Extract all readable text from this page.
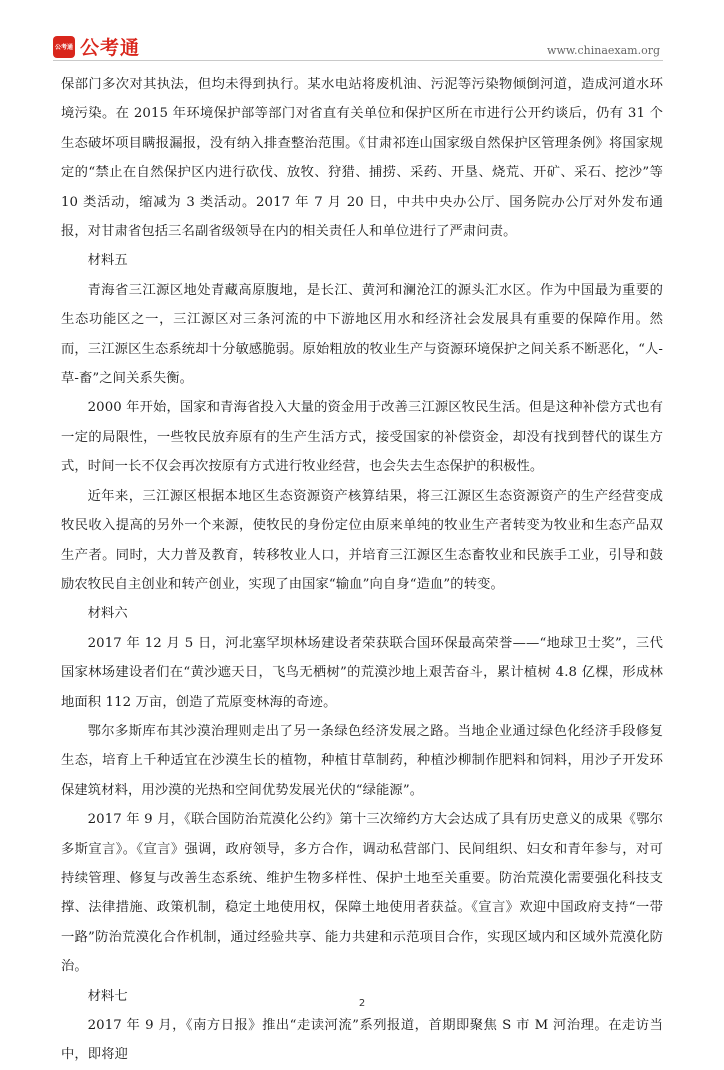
公考通 公考通	www.chinaexam.org

保部门多次对其执法，但均未得到执行。某水电站将废机油、污泥等污染物倾倒河道，造成河道水环境污染。在 2015 年环境保护部等部门对省直有关单位和保护区所在市进行公开约谈后，仍有 31 个生态破坏项目瞒报漏报，没有纳入排查整治范围。《甘肃祁连山国家级自然保护区管理条例》将国家规定的“禁止在自然保护区内进行砍伐、放牧、狩猎、捕捞、采药、开垦、烧荒、开矿、采石、挖沙”等 10 类活动，缩减为 3 类活动。2017 年 7 月 20 日，中共中央办公厅、国务院办公厅对外发布通报，对甘肃省包括三名副省级领导在内的相关责任人和单位进行了严肃问责。

材料五

青海省三江源区地处青藏高原腹地，是长江、黄河和澜沧江的源头汇水区。作为中国最为重要的生态功能区之一，三江源区对三条河流的中下游地区用水和经济社会发展具有重要的保障作用。然而，三江源区生态系统却十分敏感脆弱。原始粗放的牧业生产与资源环境保护之间关系不断恶化，“人-草-畜”之间关系失衡。

2000 年开始，国家和青海省投入大量的资金用于改善三江源区牧民生活。但是这种补偿方式也有一定的局限性，一些牧民放弃原有的生产生活方式，接受国家的补偿资金，却没有找到替代的谋生方式，时间一长不仅会再次按原有方式进行牧业经营，也会失去生态保护的积极性。

近年来，三江源区根据本地区生态资源资产核算结果，将三江源区生态资源资产的生产经营变成牧民收入提高的另外一个来源，使牧民的身份定位由原来单纯的牧业生产者转变为牧业和生态产品双生产者。同时，大力普及教育，转移牧业人口，并培育三江源区生态畜牧业和民族手工业，引导和鼓励农牧民自主创业和转产创业，实现了由国家“输血”向自身“造血”的转变。

材料六

2017 年 12 月 5 日，河北塞罕坝林场建设者荣获联合国环保最高荣誉——“地球卫士奖”，三代国家林场建设者们在“黄沙遮天日，飞鸟无栖树”的荒漠沙地上艰苦奋斗，累计植树 4.8 亿棵，形成林地面积 112 万亩，创造了荒原变林海的奇迹。

鄂尔多斯库布其沙漠治理则走出了另一条绿色经济发展之路。当地企业通过绿色化经济手段修复生态，培育上千种适宜在沙漠生长的植物，种植甘草制药，种植沙柳制作肥料和饲料，用沙子开发环保建筑材料，用沙漠的光热和空间优势发展光伏的“绿能源”。

2017 年 9 月，《联合国防治荒漠化公约》第十三次缔约方大会达成了具有历史意义的成果《鄂尔多斯宣言》。《宣言》强调，政府领导，多方合作，调动私营部门、民间组织、妇女和青年参与，对可持续管理、修复与改善生态系统、维护生物多样性、保护土地至关重要。防治荒漠化需要强化科技支撑、法律措施、政策机制，稳定土地使用权，保障土地使用者获益。《宣言》欢迎中国政府支持“一带一路”防治荒漠化合作机制，通过经验共享、能力共建和示范项目合作，实现区域内和区域外荒漠化防治。

材料七

2017 年 9 月，《南方日报》推出“走读河流”系列报道，首期即聚焦 S 市 M 河治理。在走访当中，即将迎

2
